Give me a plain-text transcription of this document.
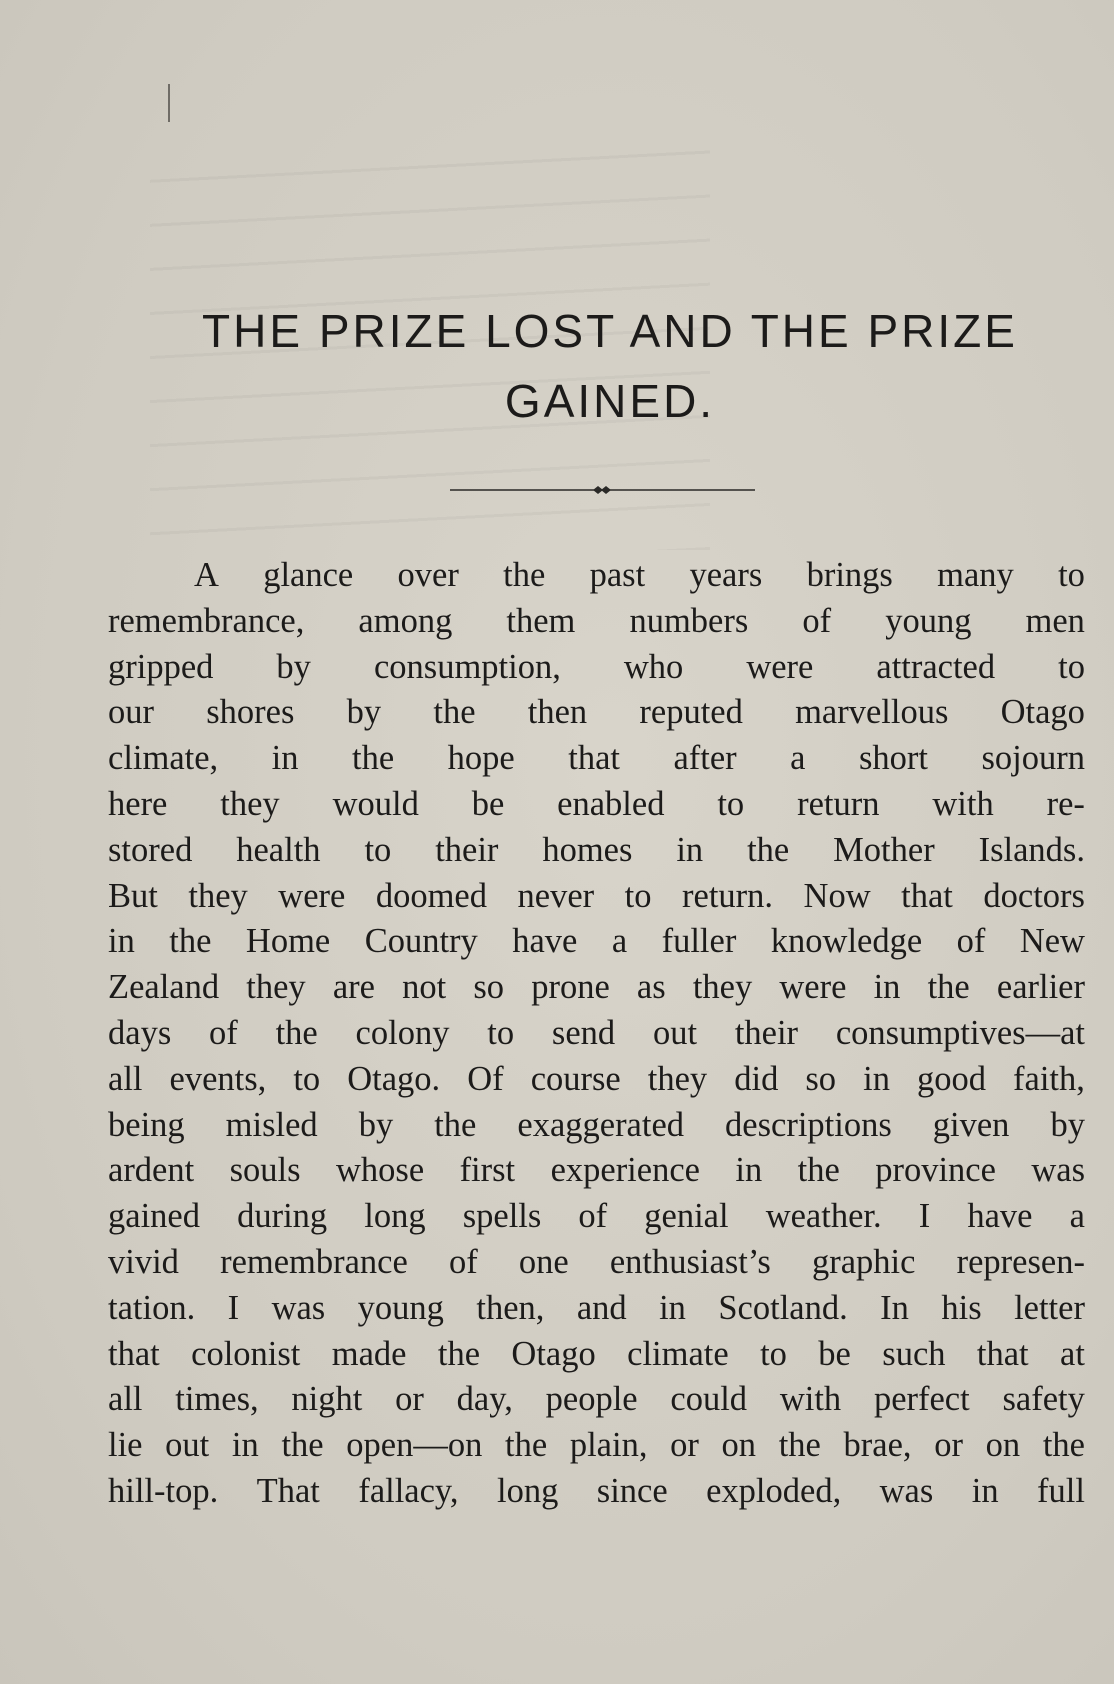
THE PRIZE LOST AND THE PRIZE
GAINED.
A glance over the past years brings many to
remembrance, among them numbers of young men
gripped by consumption, who were attracted to
our shores by the then reputed marvellous Otago
climate, in the hope that after a short sojourn
here they would be enabled to return with re-
stored health to their homes in the Mother Islands.
But they were doomed never to return. Now that doctors
in the Home Country have a fuller knowledge of New
Zealand they are not so prone as they were in the earlier
days of the colony to send out their consumptives—at
all events, to Otago. Of course they did so in good faith,
being misled by the exaggerated descriptions given by
ardent souls whose first experience in the province was
gained during long spells of genial weather. I have a
vivid remembrance of one enthusiast’s graphic represen-
tation. I was young then, and in Scotland. In his letter
that colonist made the Otago climate to be such that at
all times, night or day, people could with perfect safety
lie out in the open—on the plain, or on the brae, or on the
hill-top. That fallacy, long since exploded, was in full
